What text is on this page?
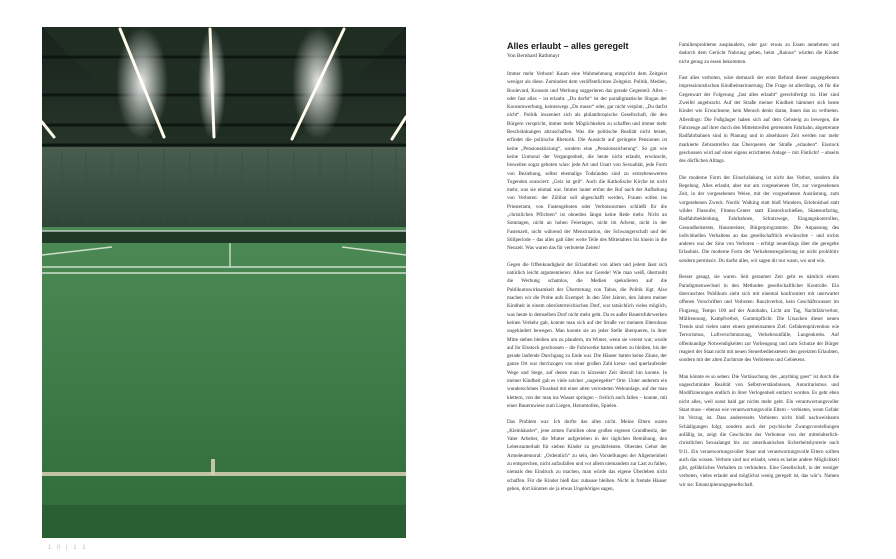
1 0 | 1 1
Alles erlaubt – alles geregelt
Von Bernhard Rathmayr

Immer mehr Verbote! Kaum eine Wahrnehmung entspricht dem Zeitgeist weniger als diese. Zumindest dem veröffentlichten Zeitgeist. Politik, Medien, Boulevard, Konsum und Werbung suggerieren das gerade Gegenteil: Alles – oder fast alles – ist erlaubt. „Du darfst“ ist der paradigmatische Slogan der Konsumwerbung, keineswegs „Du musst“ oder, gar nicht verpönt, „Du darfst nicht“. Politik inszeniert sich als philanthropische Gesellschaft, die den Bürgern verspricht, immer mehr Möglichkeiten zu schaffen und immer mehr Beschränkungen abzuschaffen. Was die politische Realität nicht leistet, erfindet die politische Rhetorik. Die Aussicht auf geringere Pensionen ist keine „Pensionskürzung“, sondern eine „Pensionssicherung“. So gut wie keine Unmoral der Vergangenheit, die heute nicht erlaubt, erwünscht, bisweilen sogar geboten wäre: jede Art und Unart von Sexualität, jede Form von Beziehung, selbst ehemalige Todsünden sind zu erstrebenswerten Tugenden avanciert: „Geiz ist geil“. Auch die Katholische Kirche ist nicht mehr, was sie einmal war. Immer lauter ertönt der Ruf nach der Aufhebung von Verboten: der Zölibat soll abgeschafft werden, Frauen sollen ins Priesteramt, von Fastengeboten oder Verbotsnormen schließt für die „christlichen Pflichten“ ist ohnedies längst keine Rede mehr. Nicht an Sonntagen, nicht an hohen Feiertagen, nicht im Advent, nicht in der Fastenzeit, nicht während der Menstruation, der Schwangerschaft und der Stillperiode – das alles galt über weite Teile des Mittelalters bis hinein in die Neuzeit. Was waren das für verbotene Zeiten!

Gegen die Offenkundigkeit der Erlaubtheit von allem und jedem lässt sich natürlich leicht argumentieren: Alles nur Gerede! Wie man weiß, übertreibt die Werbung schamlos, die Medien spekulieren auf die Publikumswirksamkeit der Übertretung von Tabus, die Politik lügt. Also machen wir die Probe aufs Exempel: In den 50er Jahren, den Jahren meiner Kindheit in einem oberösterreichischen Dorf, war tatsächlich vieles möglich, was heute in demselben Dorf nicht mehr geht. Da es außer Bauernfuhrwerken keinen Verkehr gab, konnte man sich auf der Straße vor meinem Elternhaus ungehindert bewegen. Man konnte sie an jeder Stelle überqueren, in ihrer Mitte stehen bleiben um zu plaudern, im Winter, wenn sie vereist war, wurde auf ihr Eisstock geschossen – die Fuhrwerke hatten stehen zu bleiben, bis der gerade laufende Durchgang zu Ende war. Die Häuser hatten keine Zäune, der ganze Ort war durchzogen von einer großen Zahl kreuz- und querlaufender Wege und Stege, auf denen man in kürzester Zeit überall hin konnte. In meiner Kindheit gab es viele solcher „ungeregelter“ Orte. Unter anderem ein wunderschönes Flussbad mit einer alten verrosteten Wehranlage, auf der man klettern, von der man ins Wasser springen – freilich auch fallen – konnte, mit einer Bauernwiese zum Liegen, Herumtollen, Spielen.

Das Problem war: Ich durfte das alles nicht. Meine Eltern waren „Kleinhäusler“, jene armen Familien ohne großen eigenen Grundbesitz, der Vater Arbeiter, die Mutter aufgerieben in der täglichen Bemühung, den Lebensunterhalt für sieben Kinder zu gewährleisten. Oberstes Gebot der Armeleutemoral: „Ordentlich“ zu sein, den Vorstellungen der Allgemeinheit zu entsprechen, nicht aufzufallen und vor allem niemandem zur Last zu fallen, niemals den Eindruck zu machen, man würde das eigene Überleben nicht schaffen. Für die Kinder hieß das: zuhause bleiben. Nicht in fremde Häuser gehen, dort könnten sie ja etwas Ungehöriges sagen,

Familienprobleme ausplaudern, oder gar: etwas zu Essen annehmen und dadurch dem Gerücht Nahrung geben, beim „Rainoa“ würden die Kinder nicht genug zu essen bekommen.

Fast alles verboten, wäre demnach der erste Befund dieser ausgegebenen impressionistischen Kindheitserinnerung. Die Frage ist allerdings, ob für die Gegenwart der Folgerung „fast alles erlaubt“ gerechtfertigt ist. Hier sind Zweifel angebracht. Auf der Straße meiner Kindheit hämmert sich heute Kinder wie Erwachsene, kein Mensch denkt daran, ihnen das zu verbieten. Allerdings: Die Fußgänger haben sich auf dem Gehsteig zu bewegen, die Fahrzeuge auf ihrer durch den Mittelstreifen getrennten Fahrbahn, abgetrennte Radfahrbahnen sind in Planung und in absehbarer Zeit werden nur mehr markierte Zebrastreifen das Überqueren der Straße „erlauben“. Eisstock geschossen wird auf einer eigens errichteten Anlage – mit Flutlicht! – abseits des dörflichen Alltags.

Die moderne Form der Einschränkung ist nicht das Verbot, sondern die Regelung. Alles erlaubt, aber nur am vorgesehenen Ort, zur vorgesehenen Zeit, in der vorgesehenen Weise, mit der vorgesehenen Ausrüstung, zum vorgesehenen Zweck. Nordic Walking statt bloß Wandern, Erlebnisbad statt wildes Flussufer, Fitness-Center statt Eisstockschießen, Skatesurfaring, Radfahrbekleidung, Fahrbahnen, Schutzwege, Eingangskontrollen, Gesundheitstests, Hausmeister, Bürgerprogramme. Die Anpassung des individuellen Verhaltens an das gesellschaftlich erwünschte – und nichts anderes war der Sinn von Verboten – erfolgt neuerdings über die geregelte Erlaubnis. Die moderne Form der Verhaltensregulierung ist nicht prohibitiv sondern permissiv. Du darfst alles, wir sagen dir nur wann, wo und wie.

Besser gesagt, sie waren. Seit geraumer Zeit geht es nämlich einem Paradigmenwechsel in den Methoden gesellschaftlicher Kontrolle. Ein überraschtes Publikum sieht sich mit einemal konfrontiert mit unerwartet offenen Vorschriften und Verboten: Rauchverbot, kein Geschäftswasser im Flugzeug, Tempo 100 auf der Autobahn, Licht am Tag, Nachtfahrverbot, Müllrennung, Kampfverbot, Gummipflicht. Die Ursachen dieser neuen Trends sind vielen unter einem gemeinsamen Ziel: Gefahrenprävention wie Terrorismus, Luftverschmutzung, Verkehrsunfälle, Lungenkrebs. Auf offenkundige Notwendigkeiten zur Vorbeugung und zum Schutze der Bürger reagiert der Staat nicht mit neuen Steuerbedienstetem den gereizten Erlaubten, sondern mit der alten Zuchtrute des Verbietens und Gebietens.

Man könnte es so sehen: Die Vortäuschung des „anything goes“ ist durch die ungeschminkte Realität von Selbstverständnissen, Autoritarismus und Modifizierungen endlich in ihrer Verlogenheit entlarvt worden. Es geht eben nicht alles, weil sonst bald gar nichts mehr geht. Ein verantwortungsvoller Staat muss – ebenso wie verantwortungsvolle Eltern – verbieten, wenn Gefahr im Verzug ist. Dass andererseits Verbieten nicht bloß nachweisbaren Schädigungen folgt, sondern auch der psychische Zwangsvorstellungen anfällig ist, zeigt die Geschichte der Verbotene von der mittelalterlich-christlichen Sexualangst bis zur amerikanischen Sicherheitshysterie nach 9/11. Ein verantwortungsvoller Staat und verantwortungsvolle Eltern sollten auch das wissen. Verbote sind nur erlaubt, wenn es keine andere Möglichkeit gibt, gefährliches Verhalten zu verhindern. Eine Gesellschaft, in der weniger verboten, vieles erlaubt und möglichst wenig geregelt ist, das wär’s. Namen wir sie: Emanzipierungsgesellschaft.
